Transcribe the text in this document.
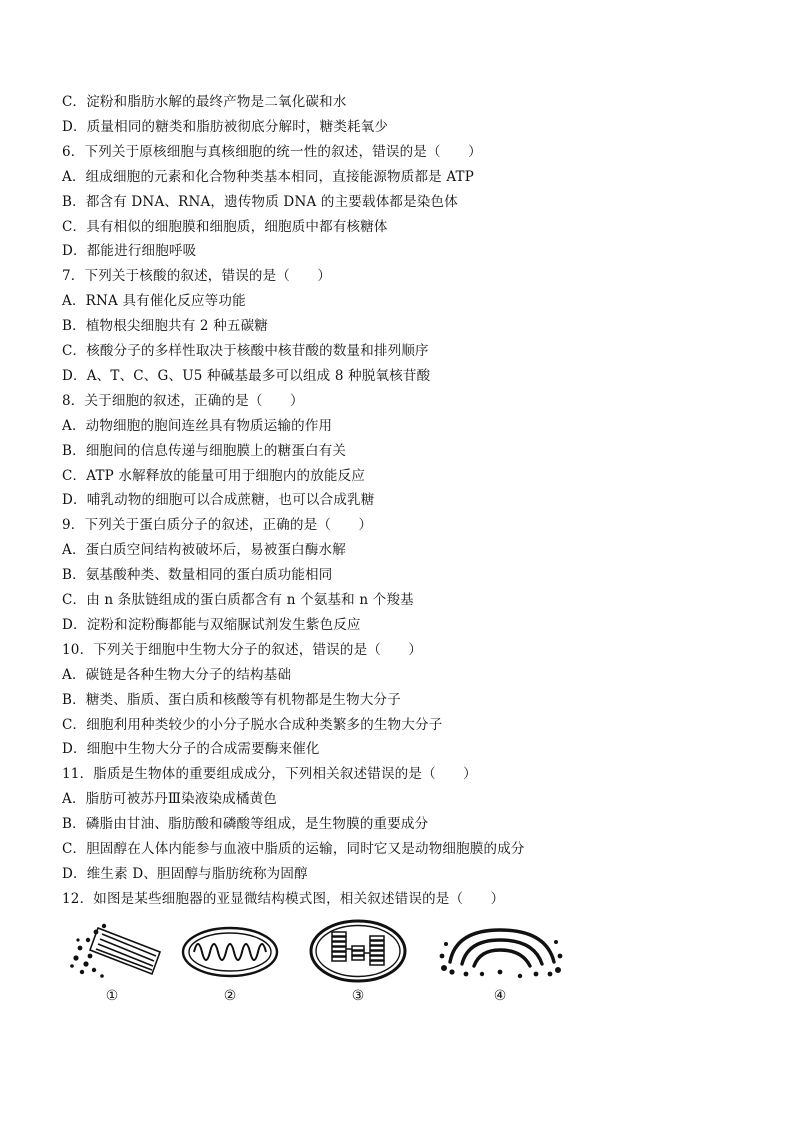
C．淀粉和脂肪水解的最终产物是二氧化碳和水
D．质量相同的糖类和脂肪被彻底分解时，糖类耗氧少
6．下列关于原核细胞与真核细胞的统一性的叙述，错误的是（　　）
A．组成细胞的元素和化合物种类基本相同，直接能源物质都是 ATP
B．都含有 DNA、RNA，遗传物质 DNA 的主要载体都是染色体
C．具有相似的细胞膜和细胞质，细胞质中都有核糖体
D．都能进行细胞呼吸
7．下列关于核酸的叙述，错误的是（　　）
A．RNA 具有催化反应等功能
B．植物根尖细胞共有 2 种五碳糖
C．核酸分子的多样性取决于核酸中核苷酸的数量和排列顺序
D．A、T、C、G、U5 种碱基最多可以组成 8 种脱氧核苷酸
8．关于细胞的叙述，正确的是（　　）
A．动物细胞的胞间连丝具有物质运输的作用
B．细胞间的信息传递与细胞膜上的糖蛋白有关
C．ATP 水解释放的能量可用于细胞内的放能反应
D．哺乳动物的细胞可以合成蔗糖，也可以合成乳糖
9．下列关于蛋白质分子的叙述，正确的是（　　）
A．蛋白质空间结构被破坏后，易被蛋白酶水解
B．氨基酸种类、数量相同的蛋白质功能相同
C．由 n 条肽链组成的蛋白质都含有 n 个氨基和 n 个羧基
D．淀粉和淀粉酶都能与双缩脲试剂发生紫色反应
10．下列关于细胞中生物大分子的叙述，错误的是（　　）
A．碳链是各种生物大分子的结构基础
B．糖类、脂质、蛋白质和核酸等有机物都是生物大分子
C．细胞利用种类较少的小分子脱水合成种类繁多的生物大分子
D．细胞中生物大分子的合成需要酶来催化
11．脂质是生物体的重要组成成分，下列相关叙述错误的是（　　）
A．脂肪可被苏丹Ⅲ染液染成橘黄色
B．磷脂由甘油、脂肪酸和磷酸等组成，是生物膜的重要成分
C．胆固醇在人体内能参与血液中脂质的运输，同时它又是动物细胞膜的成分
D．维生素 D、胆固醇与脂肪统称为固醇
12．如图是某些细胞器的亚显微结构模式图，相关叙述错误的是（　　）
①	②	③	④
